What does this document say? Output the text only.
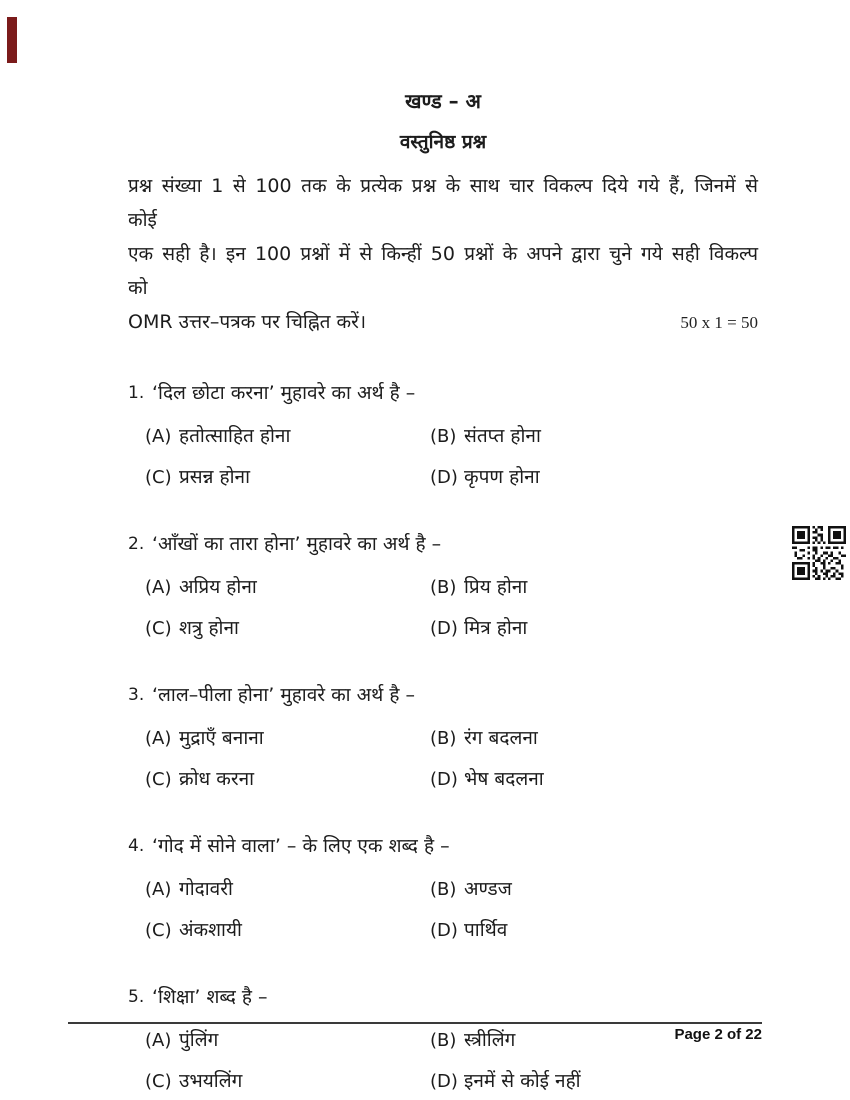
खण्ड – अ
वस्तुनिष्ठ प्रश्न
प्रश्न संख्या 1 से 100 तक के प्रत्येक प्रश्न के साथ चार विकल्प दिये गये हैं, जिनमें से कोई
एक सही है। इन 100 प्रश्नों में से किन्हीं 50 प्रश्नों के अपने द्वारा चुने गये सही विकल्प को
OMR उत्तर–पत्रक पर चिह्नित करें।	50 x 1 = 50
1. ‘दिल छोटा करना’ मुहावरे का अर्थ है –
(A) हतोत्साहित होना	(B) संतप्त होना
(C) प्रसन्न होना	(D) कृपण होना
2. ‘आँखों का तारा होना’ मुहावरे का अर्थ है –
(A) अप्रिय होना	(B) प्रिय होना
(C) शत्रु होना	(D) मित्र होना
3. ‘लाल–पीला होना’ मुहावरे का अर्थ है –
(A) मुद्राएँ बनाना	(B) रंग बदलना
(C) क्रोध करना	(D) भेष बदलना
4. ‘गोद में सोने वाला’ – के लिए एक शब्द है –
(A) गोदावरी	(B) अण्डज
(C) अंकशायी	(D) पार्थिव
5. ‘शिक्षा’ शब्द है –
(A) पुंलिंग	(B) स्त्रीलिंग
(C) उभयलिंग	(D) इनमें से कोई नहीं
Page 2 of 22
